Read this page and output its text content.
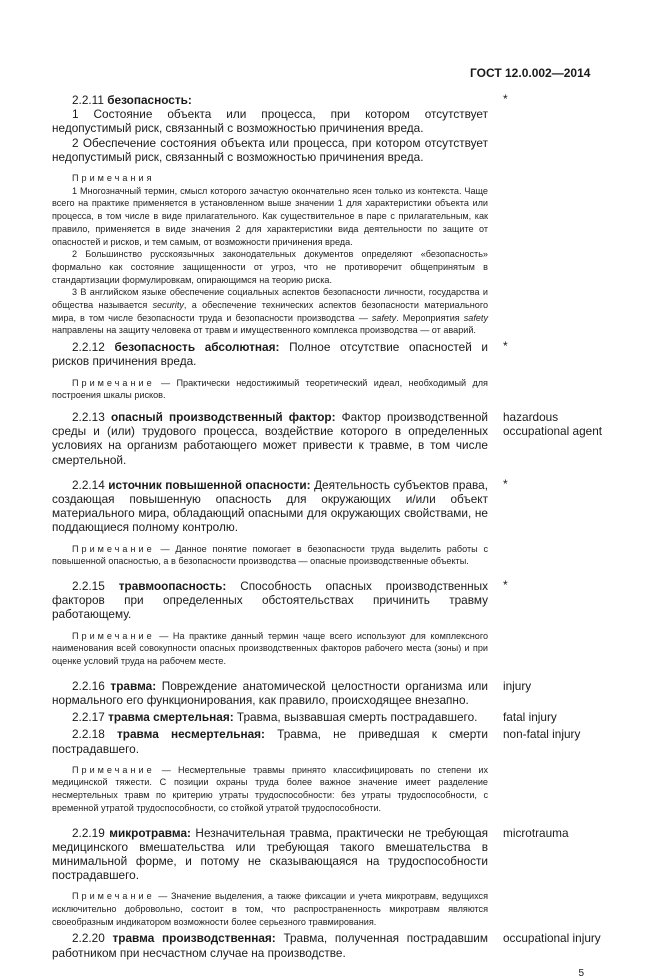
ГОСТ 12.0.002—2014

2.2.11 безопасность:

1 Состояние объекта или процесса, при котором отсутствует недопустимый риск, связанный с возможностью причинения вреда.

2 Обеспечение состояния объекта или процесса, при котором отсутствует недопустимый риск, связанный с возможностью причинения вреда.

*

Примечания

1 Многозначный термин, смысл которого зачастую окончательно ясен только из контекста. Чаще всего на практике применяется в установленном выше значении 1 для характеристики объекта или процесса, в том числе в виде прилагательного. Как существительное в паре с прилагательным, как правило, применяется в виде значения 2 для характеристики вида деятельности по защите от опасностей и рисков, и тем самым, от возможности причинения вреда.

2 Большинство русскоязычных законодательных документов определяют «безопасность» формально как состояние защищенности от угроз, что не противоречит общепринятым в стандартизации формулировкам, опирающимся на теорию риска.

3 В английском языке обеспечение социальных аспектов безопасности личности, государства и общества называется security, а обеспечение технических аспектов безопасности материального мира, в том числе безопасности труда и безопасности производства — safety. Мероприятия safety направлены на защиту человека от травм и имущественного комплекса производства — от аварий.

2.2.12 безопасность абсолютная: Полное отсутствие опасностей и рисков причинения вреда.

*

Примечание — Практически недостижимый теоретический идеал, необходимый для построения шкалы рисков.

2.2.13 опасный производственный фактор: Фактор производственной среды и (или) трудового процесса, воздействие которого в определенных условиях на организм работающего может привести к травме, в том числе смертельной.

hazardous occupational agent

2.2.14 источник повышенной опасности: Деятельность субъектов права, создающая повышенную опасность для окружающих и/или объект материального мира, обладающий опасными для окружающих свойствами, не поддающиеся полному контролю.

*

Примечание — Данное понятие помогает в безопасности труда выделить работы с повышенной опасностью, а в безопасности производства — опасные производственные объекты.

2.2.15 травмоопасность: Способность опасных производственных факторов при определенных обстоятельствах причинить травму работающему.

*

Примечание — На практике данный термин чаще всего используют для комплексного наименования всей совокупности опасных производственных факторов рабочего места (зоны) и при оценке условий труда на рабочем месте.

2.2.16 травма: Повреждение анатомической целостности организма или нормального его функционирования, как правило, происходящее внезапно.

injury

2.2.17 травма смертельная: Травма, вызвавшая смерть пострадавшего.	fatal injury

2.2.18 травма несмертельная: Травма, не приведшая к смерти пострадавшего.

non-fatal injury

Примечание — Несмертельные травмы принято классифицировать по степени их медицинской тяжести. С позиции охраны труда более важное значение имеет разделение несмертельных травм по критерию утраты трудоспособности: без утраты трудоспособности, с временной утратой трудоспособности, со стойкой утратой трудоспособности.

2.2.19 микротравма: Незначительная травма, практически не требующая медицинского вмешательства или требующая такого вмешательства в минимальной форме, и потому не сказывающаяся на трудоспособности пострадавшего.

microtrauma

Примечание — Значение выделения, а также фиксации и учета микротравм, ведущихся исключительно добровольно, состоит в том, что распространенность микротравм являются своеобразным индикатором возможности более серьезного травмирования.

2.2.20 травма производственная: Травма, полученная пострадавшим работником при несчастном случае на производстве.

occupational injury
5
